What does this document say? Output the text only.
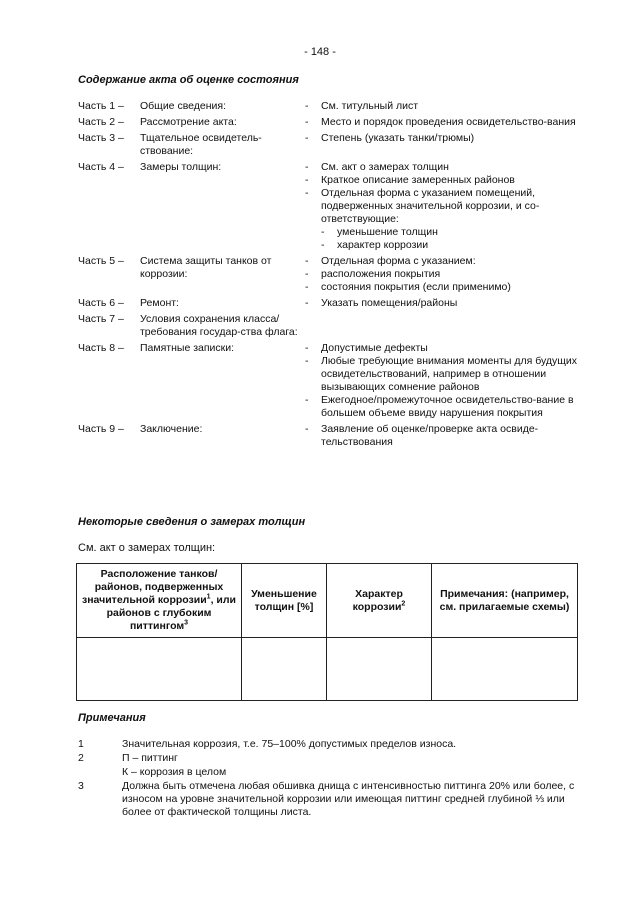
- 148 -
Содержание акта об оценке состояния
Часть 1 –	Общие сведения:	-	См. титульный лист
Часть 2 –	Рассмотрение акта:	-	Место и порядок проведения освидетельство-вания
Часть 3 –	Тщательное освидетель-ствование:
-	Степень (указать танки/трюмы)
Часть 4 –	Замеры толщин:	-	См. акт о замерах толщин
-	Краткое описание замеренных районов
-	Отдельная форма с указанием помещений, подверженных значительной коррозии, и со-ответствующие:
-	уменьшение толщин
-	характер коррозии
Часть 5 –	Система защиты танков от коррозии:
-	Отдельная форма с указанием:
-	расположения покрытия
-	состояния покрытия (если применимо)
Часть 6 –	Ремонт:	-	Указать помещения/районы
Часть 7 –	Условия сохранения класса/требования государ-ства флага:
Часть 8 –	Памятные записки:	-	Допустимые дефекты
-	Любые требующие внимания моменты для будущих освидетельствований, например в отношении вызывающих сомнение районов
-	Ежегодное/промежуточное освидетельство-вание в большем объеме ввиду нарушения покрытия
Часть 9 –	Заключение:	-	Заявление об оценке/проверке акта освиде-тельствования
Некоторые сведения о замерах толщин
См. акт о замерах толщин:
Расположение танков/ районов, подверженных значительной коррозии$^1$, или районов с глубоким питтингом$^3$	Уменьшение толщин [%]	Характер коррозии$^2$	Примечания: (например, см. прилагаемые схемы)

Примечания
1	Значительная коррозия, т.е. 75–100% допустимых пределов износа.
2	П – питтинг
К – коррозия в целом
3	Должна быть отмечена любая обшивка днища с интенсивностью питтинга 20% или более, с износом на уровне значительной коррозии или имеющая питтинг средней глубиной ⅓ или более от фактической толщины листа.
